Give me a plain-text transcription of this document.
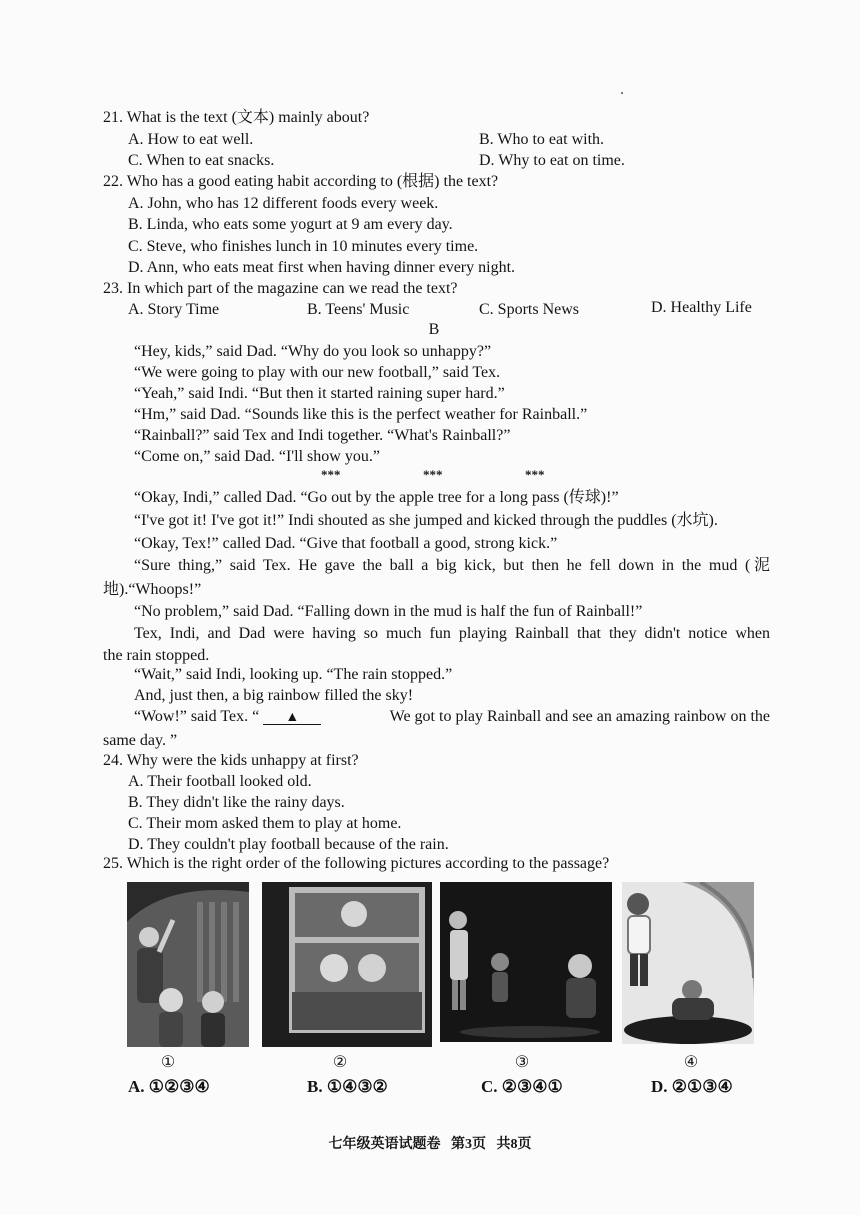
21. What is the text (文本) mainly about?
A. How to eat well.	B. Who to eat with.
C. When to eat snacks.	D. Why to eat on time.
22. Who has a good eating habit according to (根据) the text?
A. John, who has 12 different foods every week.
B. Linda, who eats some yogurt at 9 am every day.
C. Steve, who finishes lunch in 10 minutes every time.
D. Ann, who eats meat first when having dinner every night.
23. In which part of the magazine can we read the text?
A. Story Time	B. Teens' Music	C. Sports News	D. Healthy Life
B
“Hey, kids,” said Dad. “Why do you look so unhappy?”
“We were going to play with our new football,” said Tex.
“Yeah,” said Indi. “But then it started raining super hard.”
“Hm,” said Dad. “Sounds like this is the perfect weather for Rainball.”
“Rainball?” said Tex and Indi together. “What's Rainball?”
“Come on,” said Dad. “I'll show you.”
***	***	***
“Okay, Indi,” called Dad. “Go out by the apple tree for a long pass (传球)!”
“I've got it! I've got it!” Indi shouted as she jumped and kicked through the puddles (水坑).
“Okay, Tex!” called Dad. “Give that football a good, strong kick.”
“Sure thing,” said Tex. He gave the ball a big kick, but then he fell down in the mud (泥
地).“Whoops!”
“No problem,” said Dad. “Falling down in the mud is half the fun of Rainball!”
Tex, Indi, and Dad were having so much fun playing Rainball that they didn't notice when
the rain stopped.
“Wait,” said Indi, looking up. “The rain stopped.”
And, just then, a big rainbow filled the sky!
“Wow!” said Tex. “ ▲	We got to play Rainball and see an amazing rainbow on the
same day. ”
24. Why were the kids unhappy at first?
A. Their football looked old.
B. They didn't like the rainy days.
C. Their mom asked them to play at home.
D. They couldn't play football because of the rain.
25. Which is the right order of the following pictures according to the passage?
①	②	③	④
A. ①②③④	B. ①④③②	C. ②③④①	D. ②①③④
七年级英语试题卷   第3页   共8页
